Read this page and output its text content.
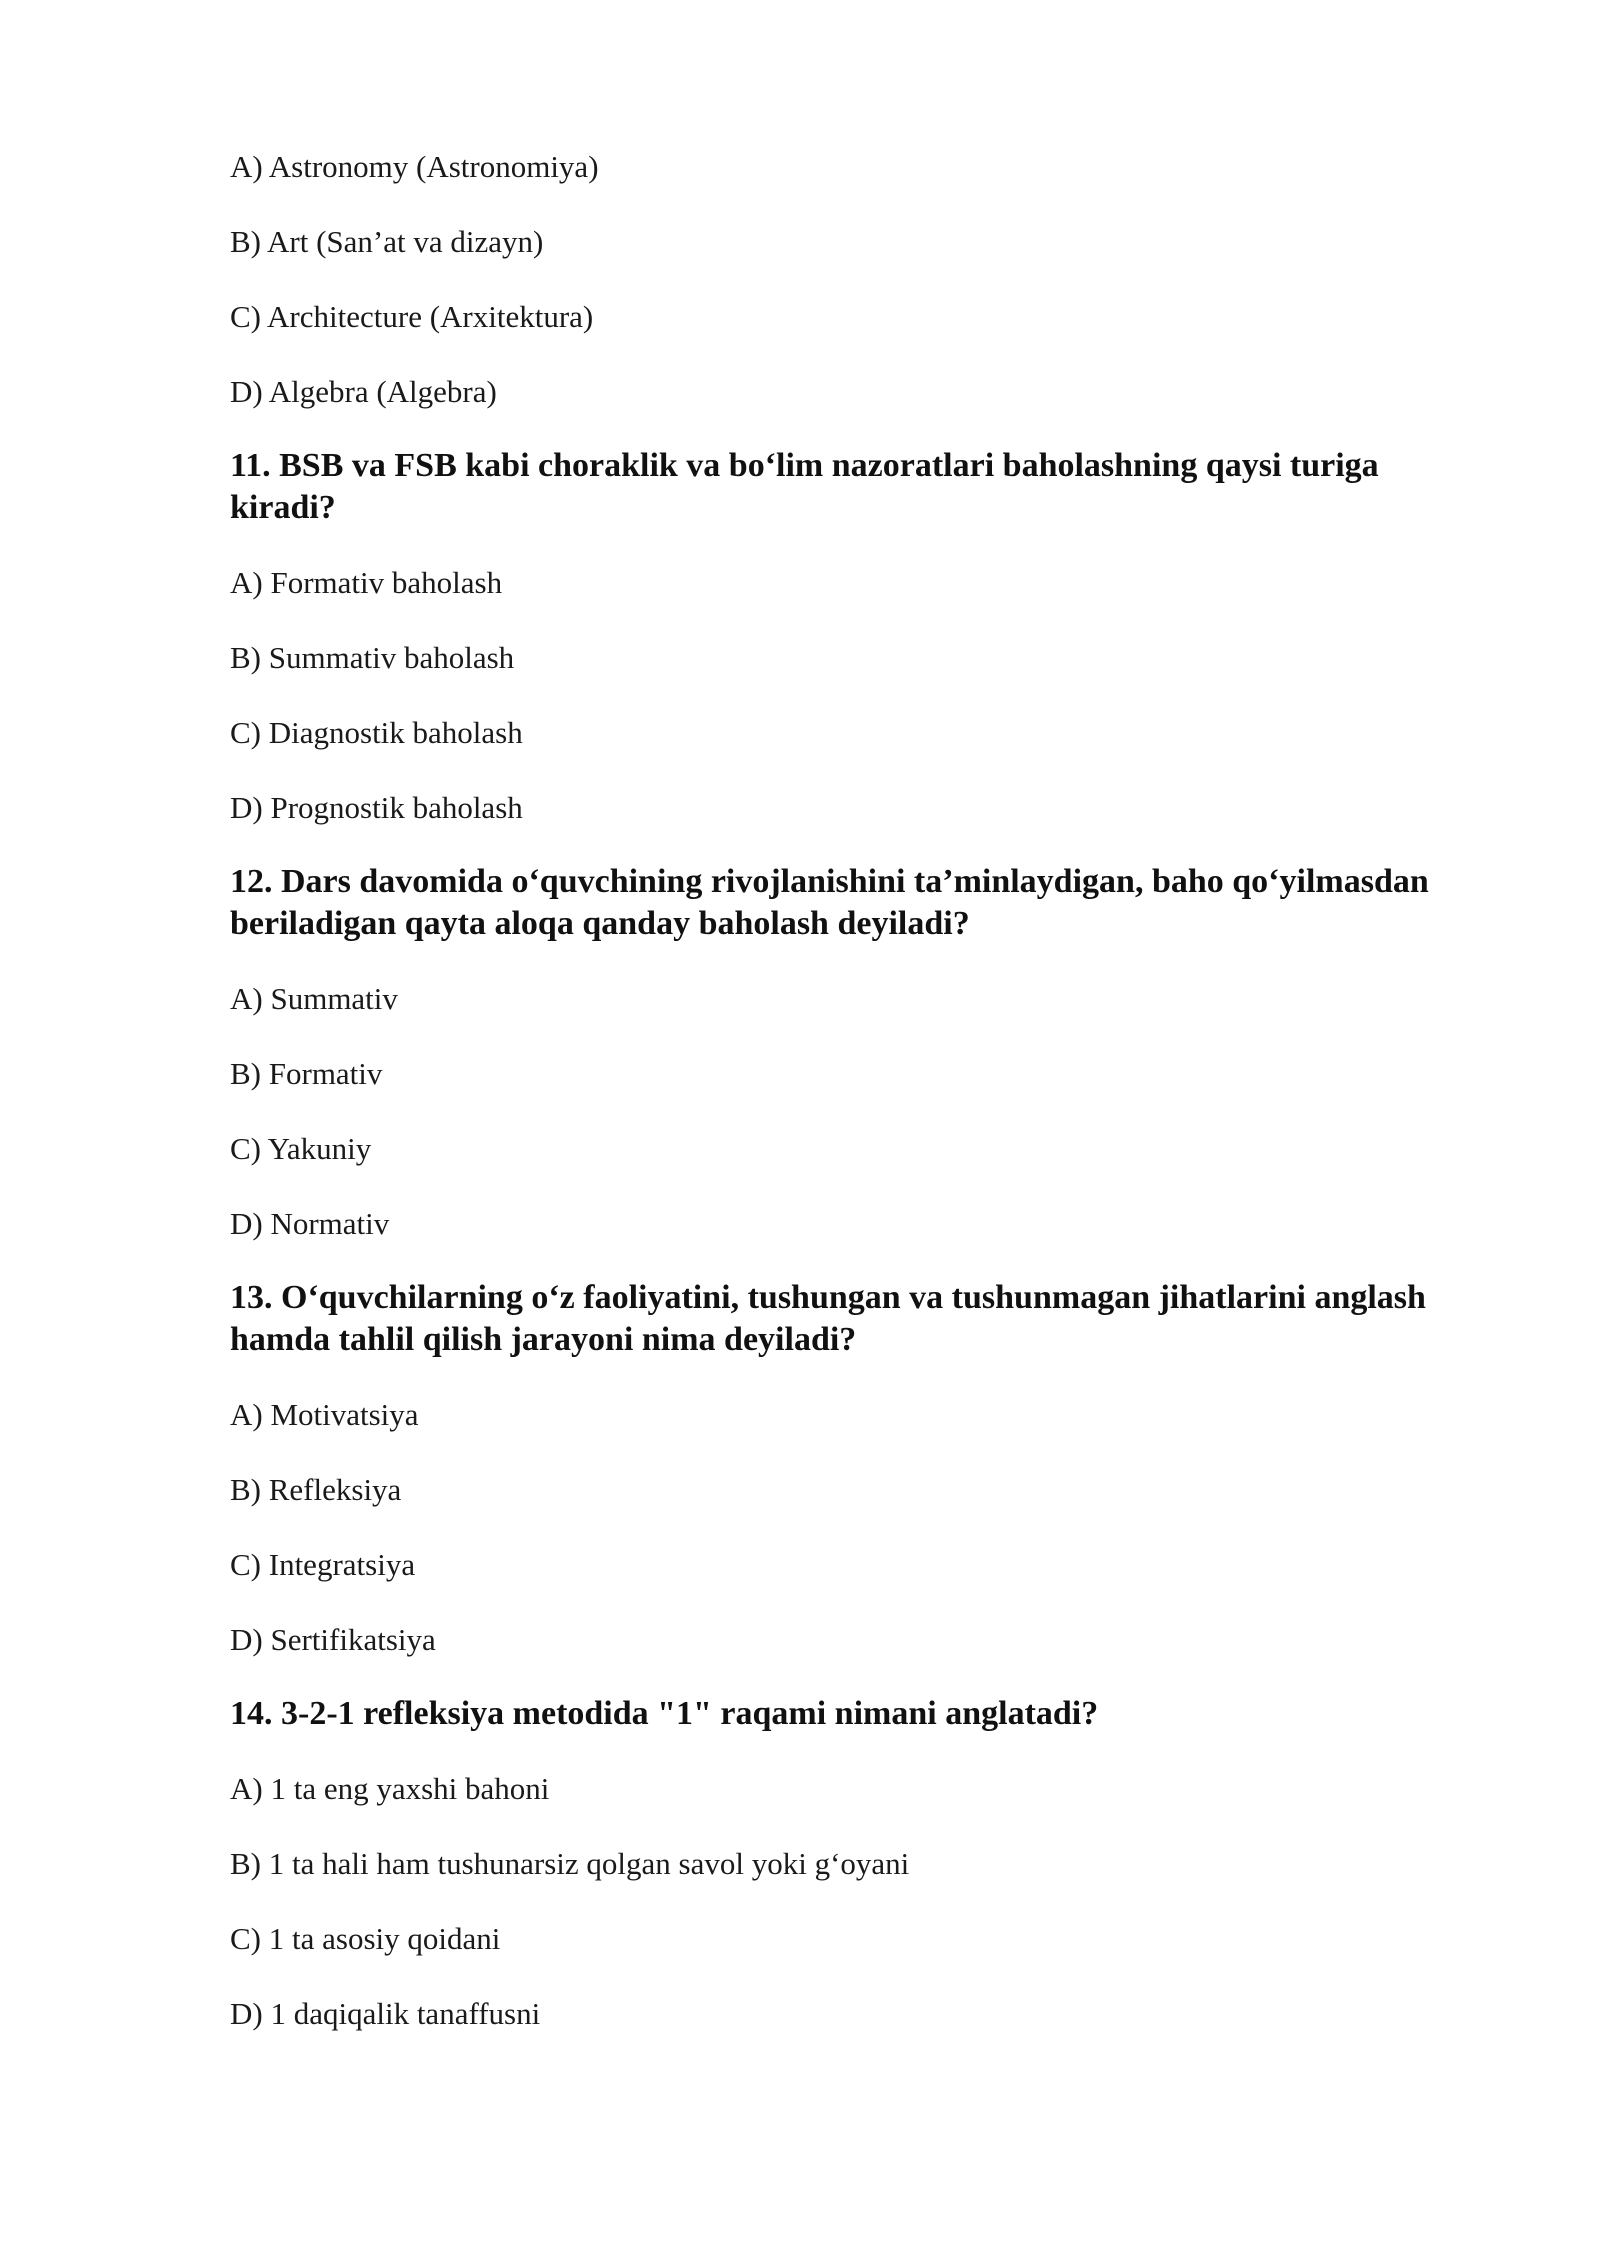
A) Astronomy (Astronomiya)

B) Art (San’at va dizayn)

C) Architecture (Arxitektura)

D) Algebra (Algebra)

11. BSB va FSB kabi choraklik va bo‘lim nazoratlari baholashning qaysi turiga kiradi?

A) Formativ baholash

B) Summativ baholash

C) Diagnostik baholash

D) Prognostik baholash

12. Dars davomida o‘quvchining rivojlanishini ta’minlaydigan, baho qo‘yilmasdan beriladigan qayta aloqa qanday baholash deyiladi?

A) Summativ

B) Formativ

C) Yakuniy

D) Normativ

13. O‘quvchilarning o‘z faoliyatini, tushungan va tushunmagan jihatlarini anglash hamda tahlil qilish jarayoni nima deyiladi?

A) Motivatsiya

B) Refleksiya

C) Integratsiya

D) Sertifikatsiya

14. 3-2-1 refleksiya metodida "1" raqami nimani anglatadi?

A) 1 ta eng yaxshi bahoni

B) 1 ta hali ham tushunarsiz qolgan savol yoki g‘oyani

C) 1 ta asosiy qoidani

D) 1 daqiqalik tanaffusni
